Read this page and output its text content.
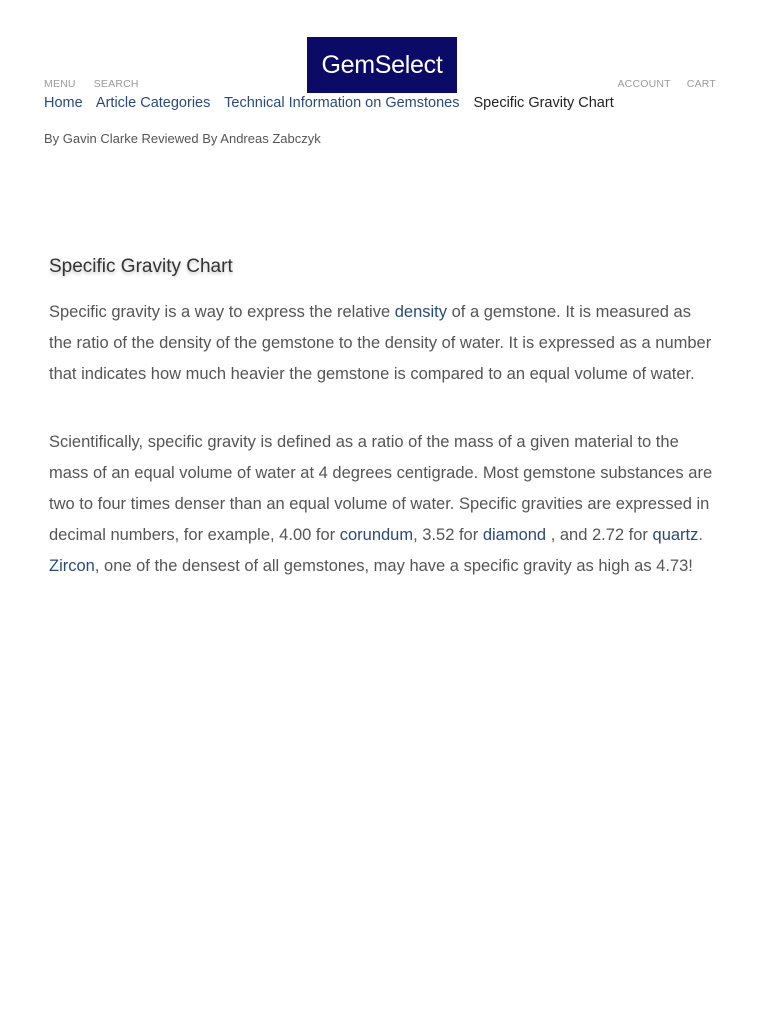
MENU SEARCH
GemSelect
ACCOUNT CART
Home Article Categories Technical Information on Gemstones Specific Gravity Chart
By Gavin Clarke Reviewed By Andreas Zabczyk
Specific Gravity Chart

Specific gravity is a way to express the relative density of a gemstone. It is measured as the ratio of the density of the gemstone to the density of water. It is expressed as a number that indicates how much heavier the gemstone is compared to an equal volume of water.

Scientifically, specific gravity is defined as a ratio of the mass of a given material to the mass of an equal volume of water at 4 degrees centigrade. Most gemstone substances are two to four times denser than an equal volume of water. Specific gravities are expressed in decimal numbers, for example, 4.00 for corundum, 3.52 for diamond , and 2.72 for quartz. Zircon, one of the densest of all gemstones, may have a specific gravity as high as 4.73!
